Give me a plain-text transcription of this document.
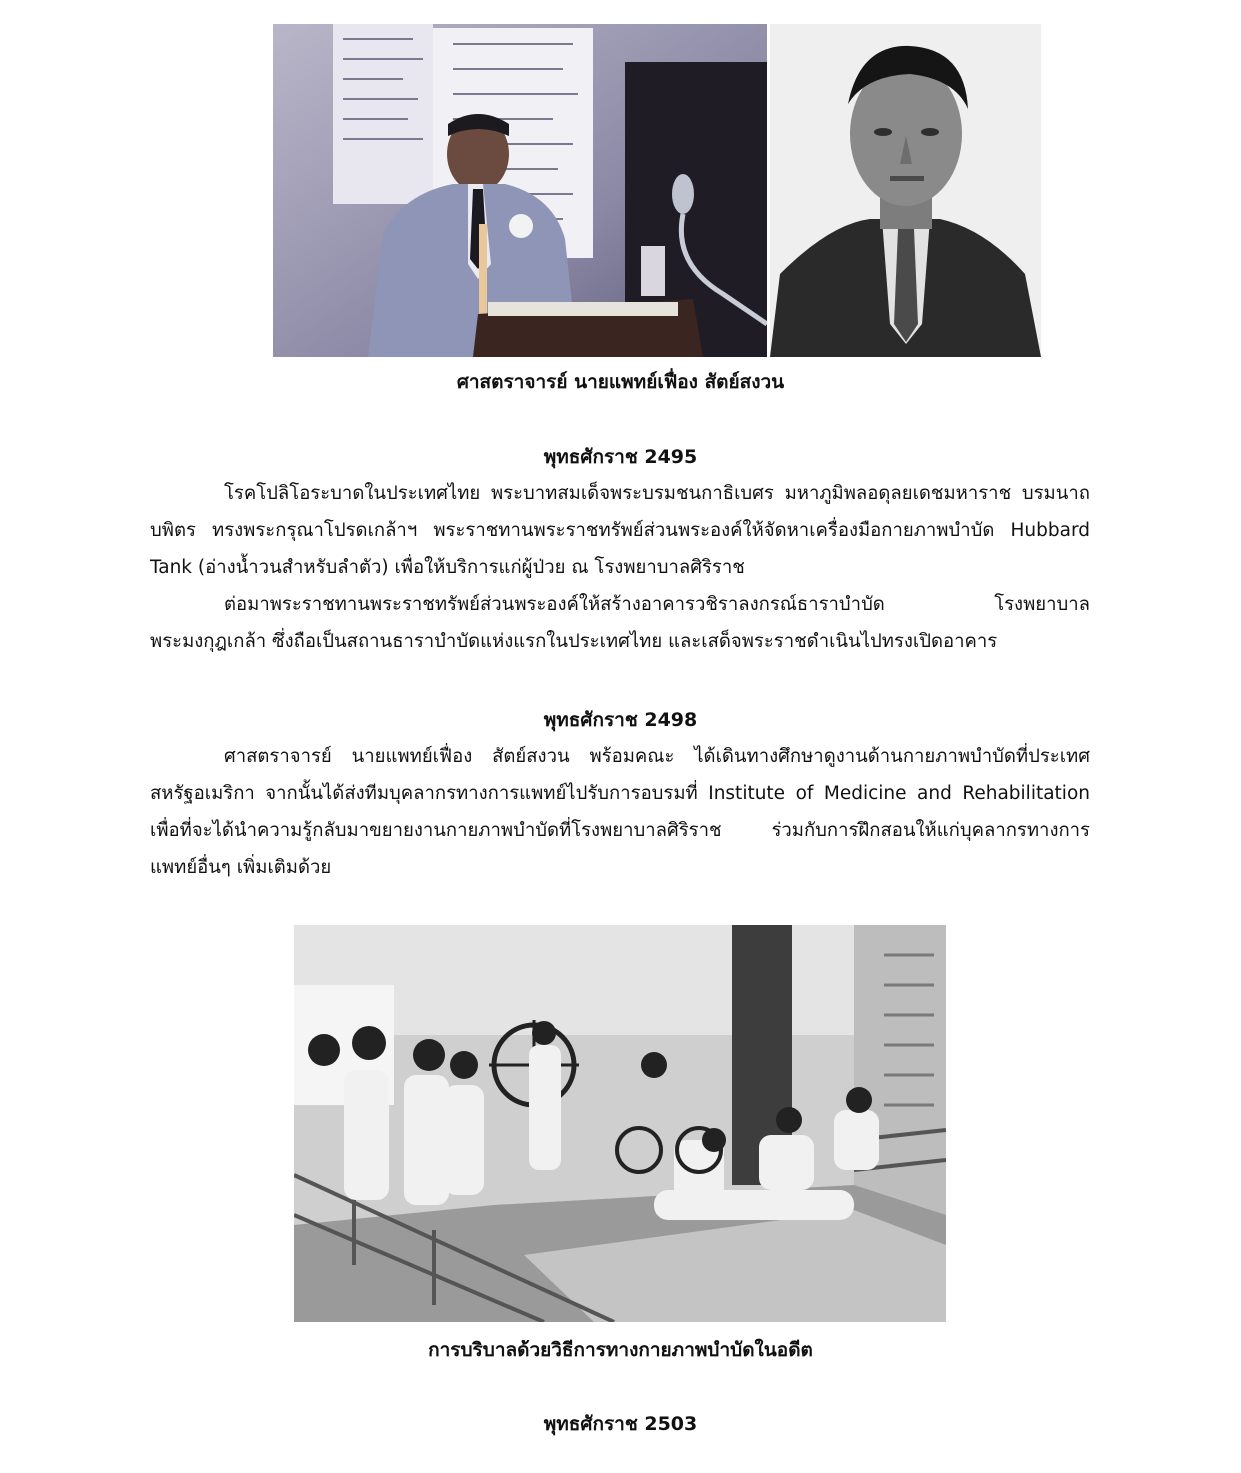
ศาสตราจารย์ นายแพทย์เฟื่อง สัตย์สงวน
พุทธศักราช 2495

โรคโปลิโอระบาดในประเทศไทย พระบาทสมเด็จพระบรมชนกาธิเบศร มหาภูมิพลอดุลยเดชมหาราช บรมนาถบพิตร ทรงพระกรุณาโปรดเกล้าฯ พระราชทานพระราชทรัพย์ส่วนพระองค์ให้จัดหาเครื่องมือกายภาพบำบัด Hubbard Tank (อ่างน้ำวนสำหรับลำตัว) เพื่อให้บริการแก่ผู้ป่วย ณ โรงพยาบาลศิริราช

ต่อมาพระราชทานพระราชทรัพย์ส่วนพระองค์ให้สร้างอาคารวชิราลงกรณ์ธาราบำบัด โรงพยาบาลพระมงกุฎเกล้า ซึ่งถือเป็นสถานธาราบำบัดแห่งแรกในประเทศไทย และเสด็จพระราชดำเนินไปทรงเปิดอาคาร

พุทธศักราช 2498

ศาสตราจารย์ นายแพทย์เฟื่อง สัตย์สงวน พร้อมคณะ ได้เดินทางศึกษาดูงานด้านกายภาพบำบัดที่ประเทศสหรัฐอเมริกา จากนั้นได้ส่งทีมบุคลากรทางการแพทย์ไปรับการอบรมที่ Institute of Medicine and Rehabilitation เพื่อที่จะได้นำความรู้กลับมาขยายงานกายภาพบำบัดที่โรงพยาบาลศิริราช ร่วมกับการฝึกสอนให้แก่บุคลากรทางการแพทย์อื่นๆ เพิ่มเติมด้วย

การบริบาลด้วยวิธีการทางกายภาพบำบัดในอดีต
พุทธศักราช 2503
